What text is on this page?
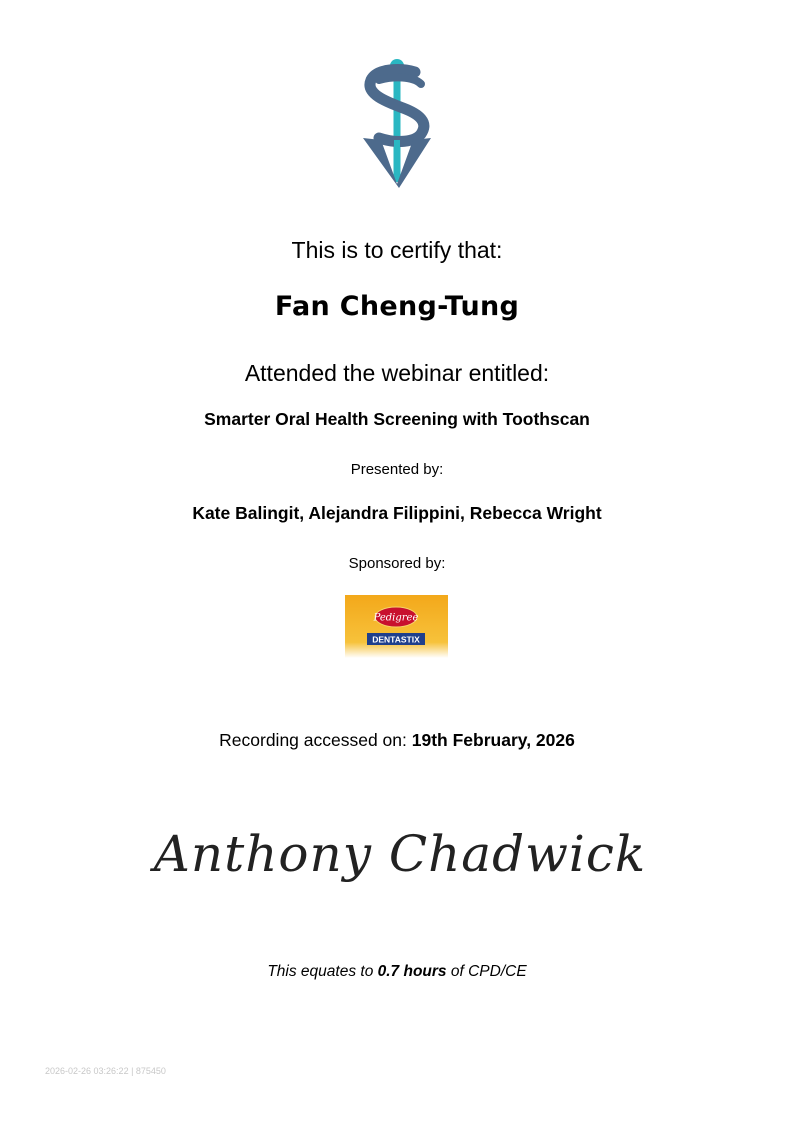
This is to certify that:
Fan Cheng-Tung
Attended the webinar entitled:
Smarter Oral Health Screening with Toothscan
Presented by:
Kate Balingit, Alejandra Filippini, Rebecca Wright
Sponsored by:
Pedigree
DENTASTIX
Recording accessed on: 19th February, 2026
Anthony Chadwick
This equates to 0.7 hours of CPD/CE
2026-02-26 03:26:22 | 875450
